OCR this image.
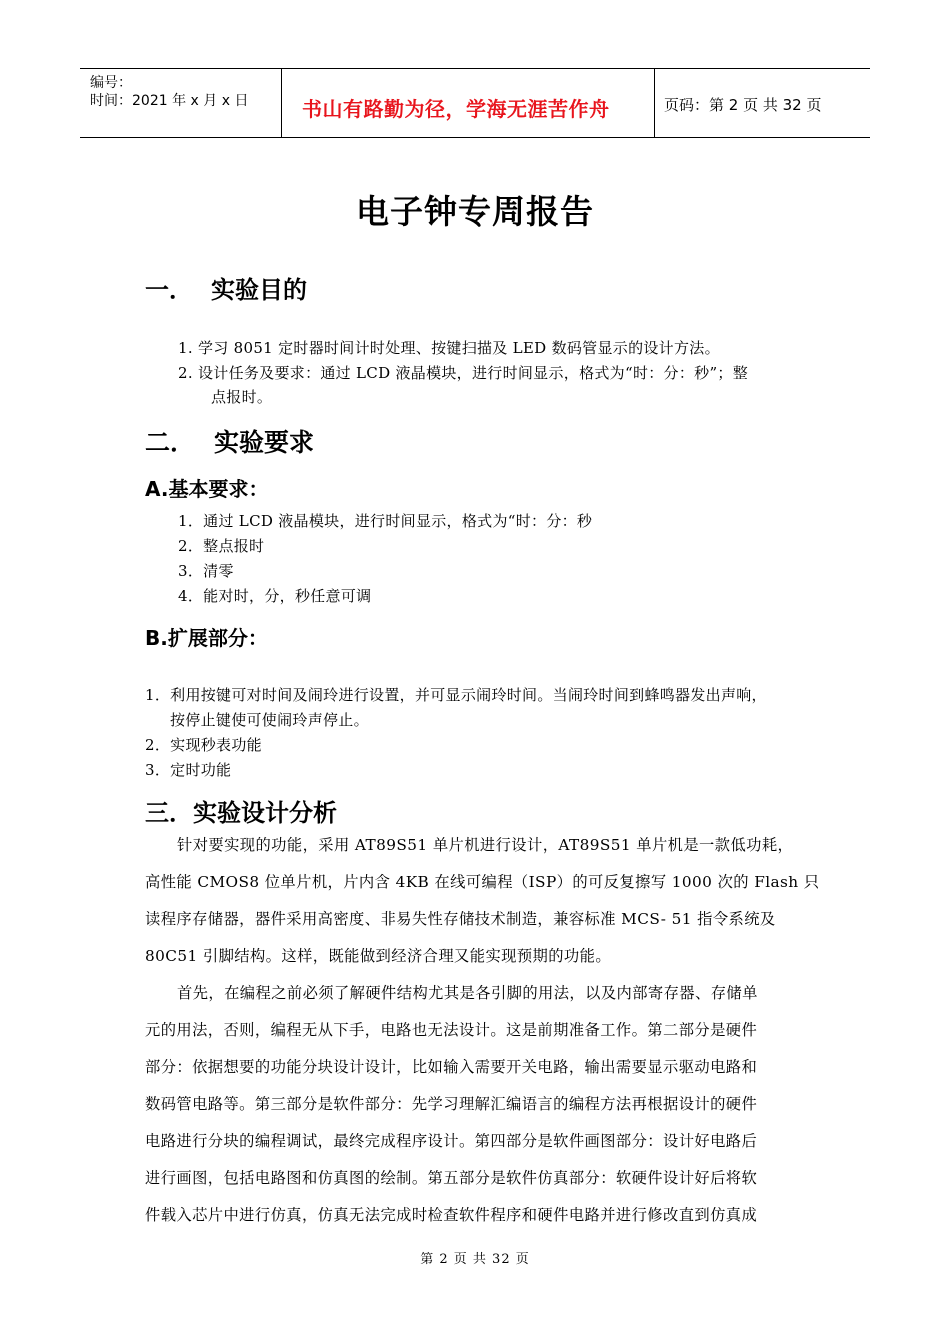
编号：
时间：2021 年 x 月 x 日	书山有路勤为径，学海无涯苦作舟	页码：第 2 页 共 32 页
电子钟专周报告
一． 实验目的
1. 学习 8051 定时器时间计时处理、按键扫描及 LED 数码管显示的设计方法。
2. 设计任务及要求：通过 LCD 液晶模块，进行时间显示，格式为“时：分：秒”；整
点报时。
二． 实验要求
A.基本要求：
1．通过 LCD 液晶模块，进行时间显示，格式为“时：分：秒
2．整点报时
3．清零
4．能对时，分，秒任意可调
B.扩展部分：
1．利用按键可对时间及闹玲进行设置，并可显示闹玲时间。当闹玲时间到蜂鸣器发出声响，
按停止键使可使闹玲声停止。
2．实现秒表功能
3．定时功能
三．实验设计分析
针对要实现的功能，采用 AT89S51 单片机进行设计，AT89S51 单片机是一款低功耗，
高性能 CMOS8 位单片机，片内含 4KB 在线可编程（ISP）的可反复擦写 1000 次的 Flash 只
读程序存储器，器件采用高密度、非易失性存储技术制造，兼容标准 MCS- 51 指令系统及
80C51 引脚结构。这样，既能做到经济合理又能实现预期的功能。
首先，在编程之前必须了解硬件结构尤其是各引脚的用法，以及内部寄存器、存储单
元的用法，否则，编程无从下手，电路也无法设计。这是前期准备工作。第二部分是硬件
部分：依据想要的功能分块设计设计，比如输入需要开关电路，输出需要显示驱动电路和
数码管电路等。第三部分是软件部分：先学习理解汇编语言的编程方法再根据设计的硬件
电路进行分块的编程调试，最终完成程序设计。第四部分是软件画图部分：设计好电路后
进行画图，包括电路图和仿真图的绘制。第五部分是软件仿真部分：软硬件设计好后将软
件载入芯片中进行仿真，仿真无法完成时检查软件程序和硬件电路并进行修改直到仿真成
第 2 页 共 32 页
